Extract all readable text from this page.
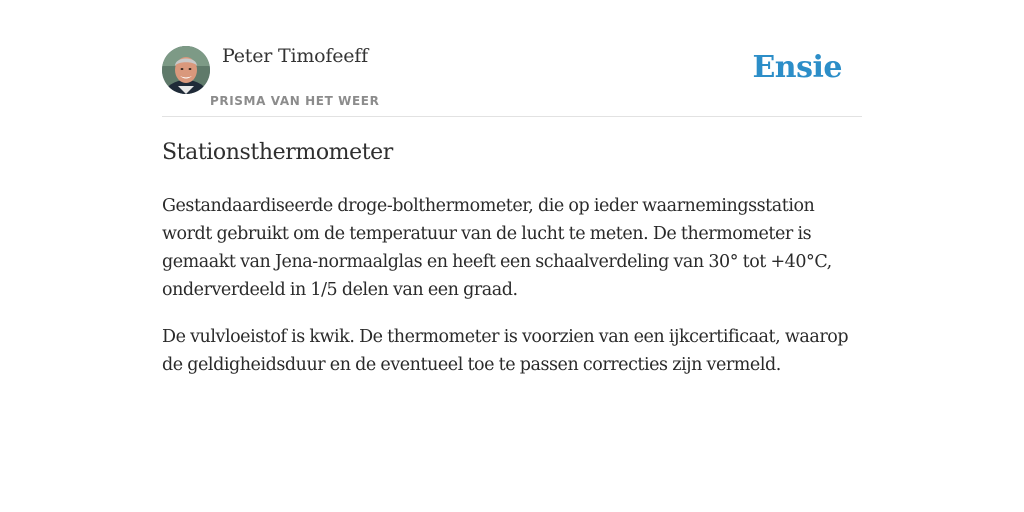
Peter Timofeeff
PRISMA VAN HET WEER
Ensie
Stationsthermometer

Gestandaardiseerde droge-bolthermometer, die op ieder waarnemingsstation wordt gebruikt om de temperatuur van de lucht te meten. De thermometer is gemaakt van Jena-normaalglas en heeft een schaalverdeling van 30° tot +40°C, onderverdeeld in 1/5 delen van een graad.

De vulvloeistof is kwik. De thermometer is voorzien van een ijkcertificaat, waarop de geldigheidsduur en de eventueel toe te passen correcties zijn vermeld.
